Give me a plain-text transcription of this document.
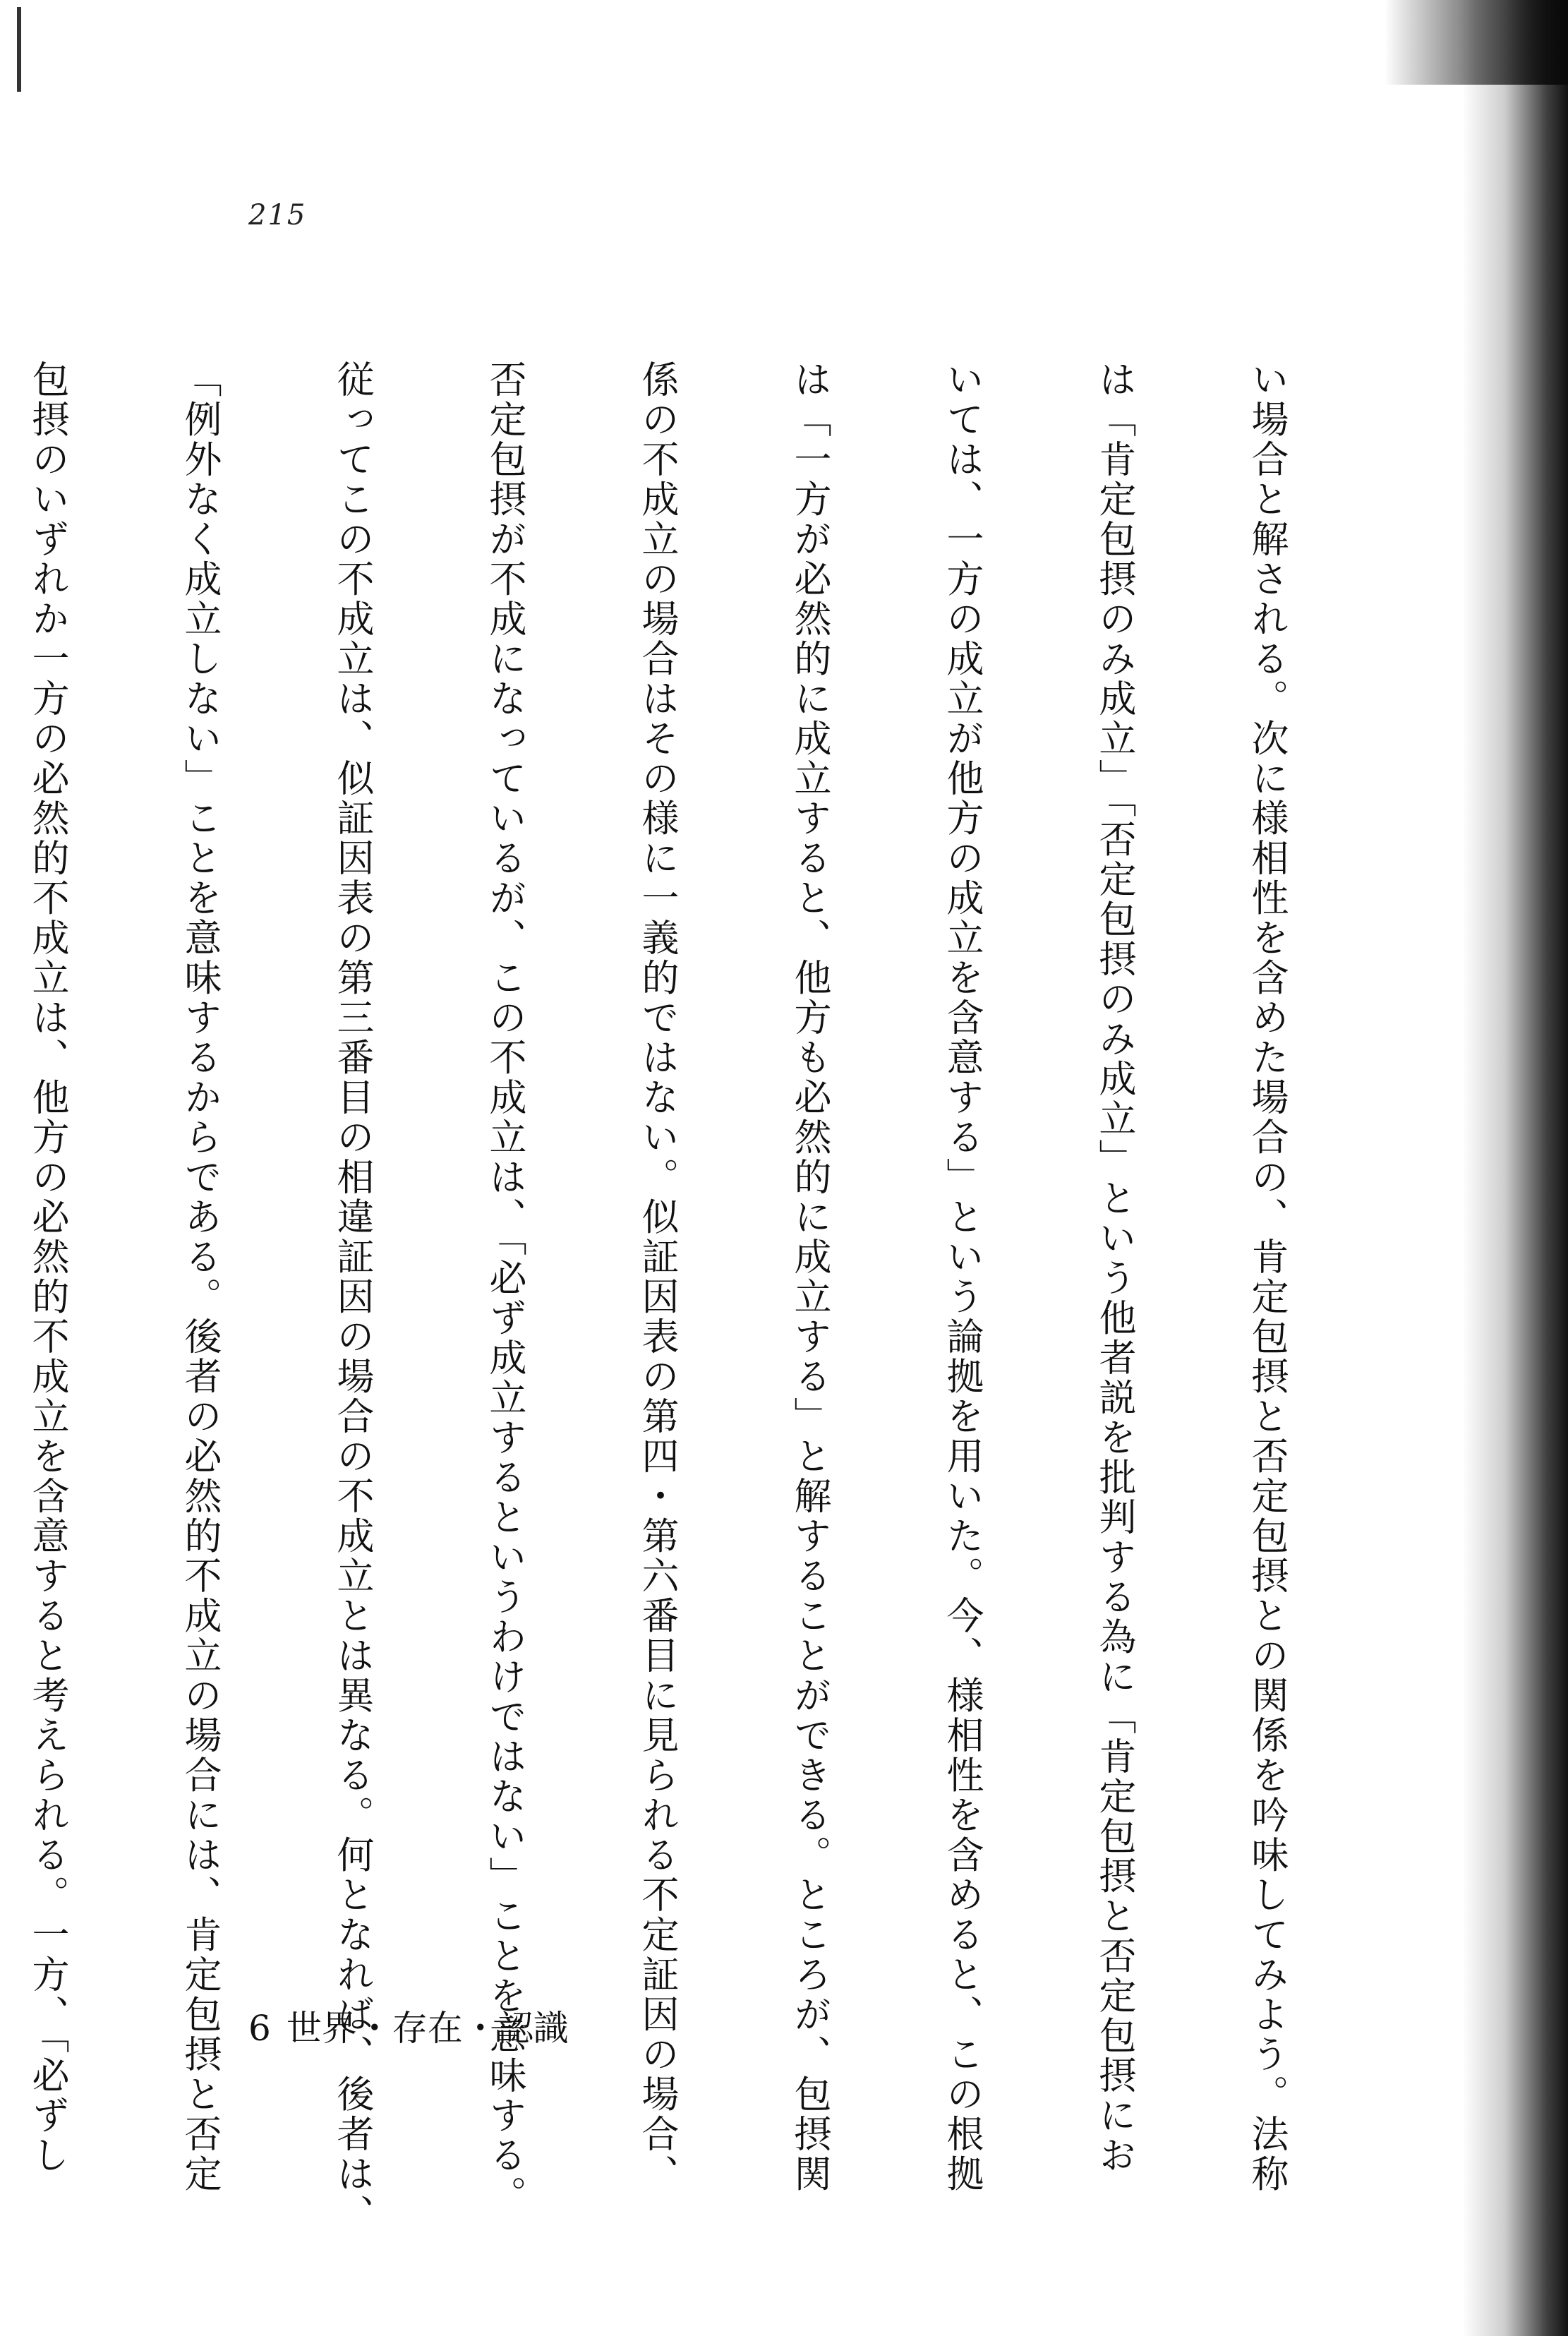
215

い場合と解される。次に様相性を含めた場合の、肯定包摂と否定包摂との関係を吟味してみよう。法称

は「肯定包摂のみ成立」「否定包摂のみ成立」という他者説を批判する為に「肯定包摂と否定包摂にお

いては、一方の成立が他方の成立を含意する」という論拠を用いた。今、様相性を含めると、この根拠

は「一方が必然的に成立すると、他方も必然的に成立する」と解することができる。ところが、包摂関

係の不成立の場合はその様に一義的ではない。似証因表の第四・第六番目に見られる不定証因の場合、

否定包摂が不成になっているが、この不成立は、「必ず成立するというわけではない」ことを意味する。

従ってこの不成立は、似証因表の第三番目の相違証因の場合の不成立とは異なる。何となれば、後者は、

「例外なく成立しない」ことを意味するからである。後者の必然的不成立の場合には、肯定包摂と否定

包摂のいずれか一方の必然的不成立は、他方の必然的不成立を含意すると考えられる。一方、「必ずし

	6 世界・存在・認識
